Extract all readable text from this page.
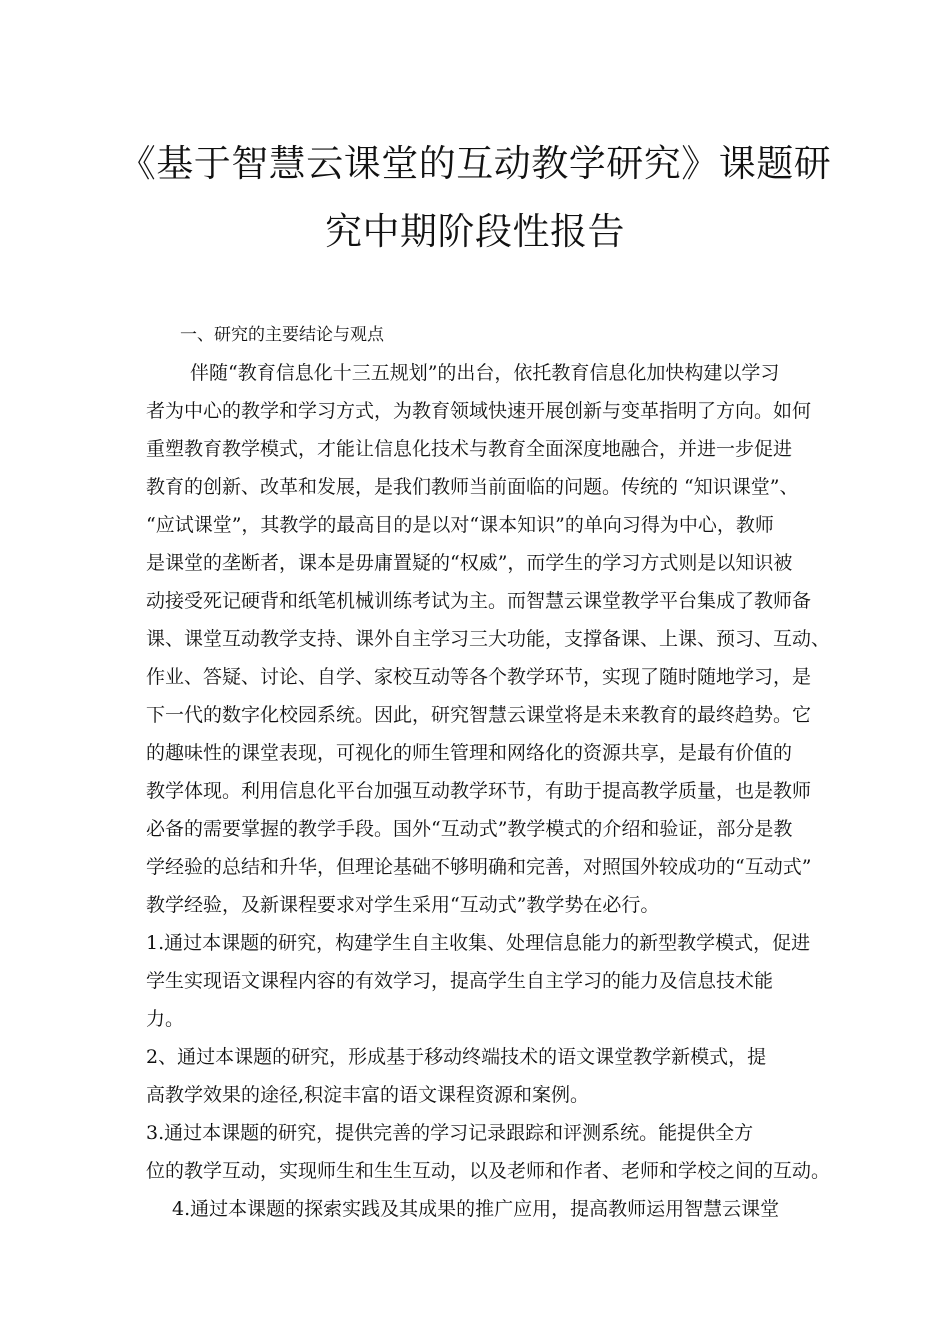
《基于智慧云课堂的互动教学研究》课题研
究中期阶段性报告
一、研究的主要结论与观点
伴随“教育信息化十三五规划”的出台，依托教育信息化加快构建以学习
者为中心的教学和学习方式，为教育领域快速开展创新与变革指明了方向。如何
重塑教育教学模式，才能让信息化技术与教育全面深度地融合，并进一步促进
教育的创新、改革和发展，是我们教师当前面临的问题。传统的 “知识课堂”、
“应试课堂”，其教学的最高目的是以对“课本知识”的单向习得为中心，教师
是课堂的垄断者，课本是毋庸置疑的“权威”，而学生的学习方式则是以知识被
动接受死记硬背和纸笔机械训练考试为主。而智慧云课堂教学平台集成了教师备
课、课堂互动教学支持、课外自主学习三大功能，支撑备课、上课、预习、互动、
作业、答疑、讨论、自学、家校互动等各个教学环节，实现了随时随地学习，是
下一代的数字化校园系统。因此，研究智慧云课堂将是未来教育的最终趋势。它
的趣味性的课堂表现，可视化的师生管理和网络化的资源共享，是最有价值的
教学体现。利用信息化平台加强互动教学环节，有助于提高教学质量，也是教师
必备的需要掌握的教学手段。国外“互动式”教学模式的介绍和验证，部分是教
学经验的总结和升华，但理论基础不够明确和完善，对照国外较成功的“互动式”
教学经验，及新课程要求对学生采用“互动式”教学势在必行。
1.通过本课题的研究，构建学生自主收集、处理信息能力的新型教学模式，促进
学生实现语文课程内容的有效学习，提高学生自主学习的能力及信息技术能
力。
2、通过本课题的研究，形成基于移动终端技术的语文课堂教学新模式，提
高教学效果的途径,积淀丰富的语文课程资源和案例。
3.通过本课题的研究，提供完善的学习记录跟踪和评测系统。能提供全方
位的教学互动，实现师生和生生互动，以及老师和作者、老师和学校之间的互动。
4.通过本课题的探索实践及其成果的推广应用，提高教师运用智慧云课堂
